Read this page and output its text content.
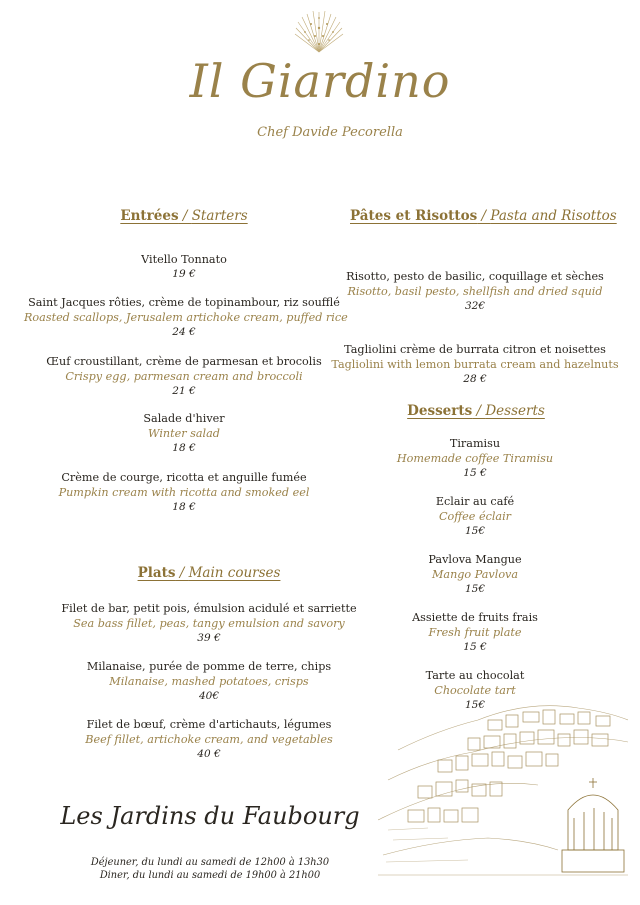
Il Giardino
Chef Davide Pecorella
Entrées / Starters
Vitello Tonnato
19 €
Saint Jacques rôties, crème de topinambour, riz soufflé
Roasted scallops, Jerusalem artichoke cream, puffed rice
24 €
Œuf croustillant, crème de parmesan et brocolis
Crispy egg, parmesan cream and broccoli
21 €
Salade d'hiver
Winter salad
18 €
Crème de courge, ricotta et anguille fumée
Pumpkin cream with ricotta and smoked eel
18 €
Plats / Main courses
Filet de bar, petit pois, émulsion acidulé et sarriette
Sea bass fillet, peas, tangy emulsion and savory
39 €
Milanaise, purée de pomme de terre, chips
Milanaise, mashed potatoes, crisps
40€
Filet de bœuf, crème d'artichauts, légumes
Beef fillet, artichoke cream, and vegetables
40 €
Pâtes et Risottos / Pasta and Risottos
Risotto, pesto de basilic, coquillage et sèches
Risotto, basil pesto, shellfish and dried squid
32€
Tagliolini crème de burrata citron et noisettes
Tagliolini with lemon burrata cream and hazelnuts
28 €
Desserts / Desserts
Tiramisu
Homemade coffee Tiramisu
15 €
Eclair au café
Coffee éclair
15€
Pavlova Mangue
Mango Pavlova
15€
Assiette de fruits frais
Fresh fruit plate
15 €
Tarte au chocolat
Chocolate tart
15€
Les Jardins du Faubourg
Déjeuner, du lundi au samedi de 12h00 à 13h30
Diner, du lundi au samedi de 19h00 à 21h00
